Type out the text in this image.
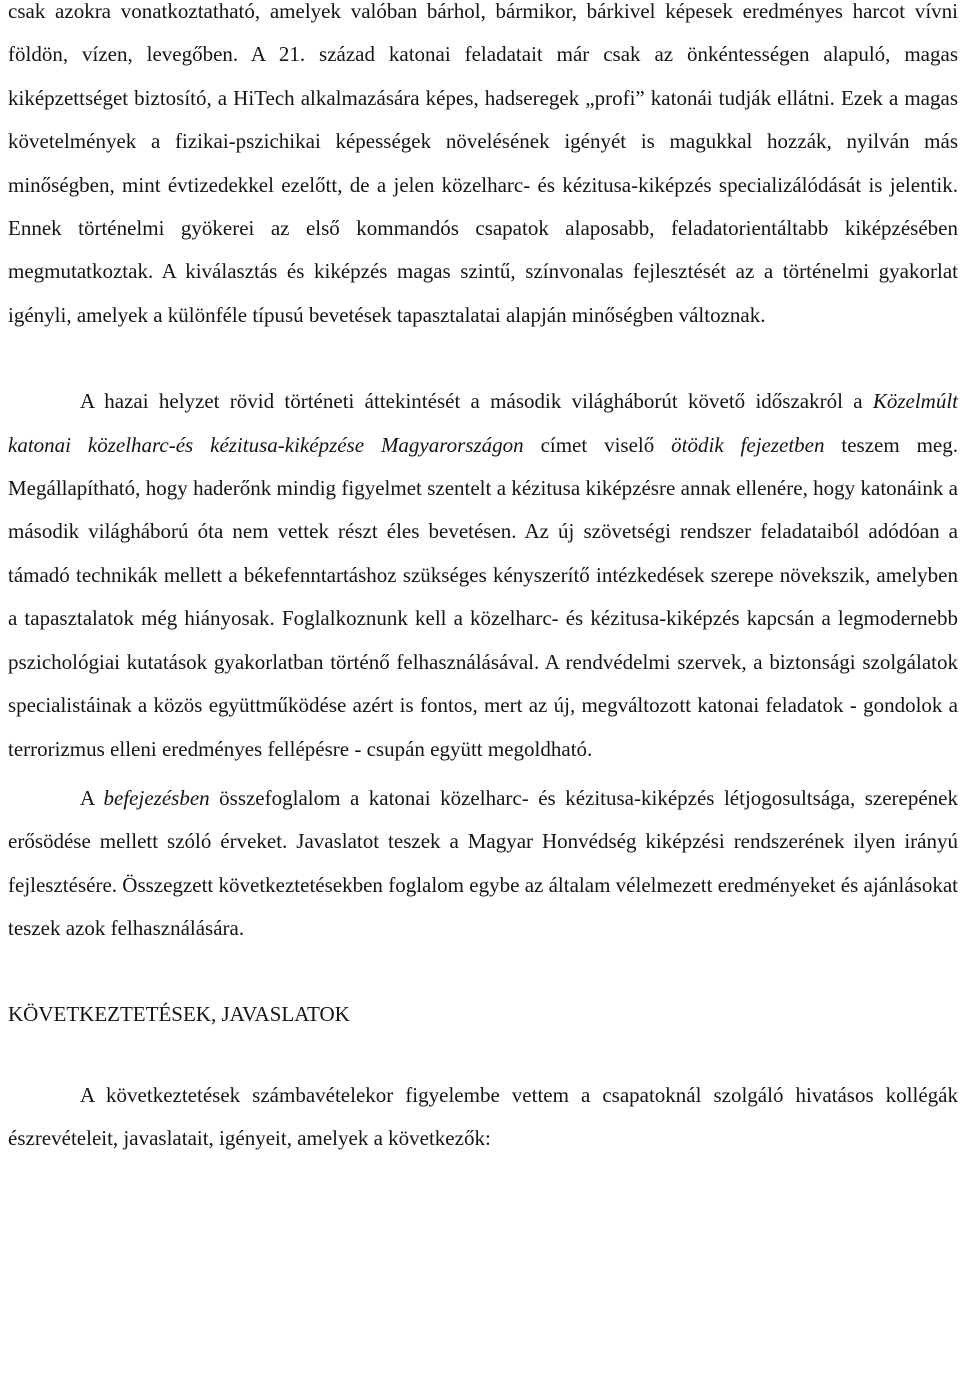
csak azokra vonatkoztatható, amelyek valóban bárhol, bármikor, bárkivel képesek eredményes harcot vívni földön, vízen, levegőben. A 21. század katonai feladatait már csak az önkéntességen alapuló, magas kiképzettséget biztosító, a HiTech alkalmazására képes, hadseregek „profi” katonái tudják ellátni. Ezek a magas követelmények a fizikai-pszichikai képességek növelésének igényét is magukkal hozzák, nyilván más minőségben, mint évtizedekkel ezelőtt, de a jelen közelharc- és kézitusa-kiképzés specializálódását is jelentik. Ennek történelmi gyökerei az első kommandós csapatok alaposabb, feladatorientáltabb kiképzésében megmutatkoztak. A kiválasztás és kiképzés magas szintű, színvonalas fejlesztését az a történelmi gyakorlat igényli, amelyek a különféle típusú bevetések tapasztalatai alapján minőségben változnak.

A hazai helyzet rövid történeti áttekintését a második világháborút követő időszakról a Közelmúlt katonai közelharc-és kézitusa-kiképzése Magyarországon címet viselő ötödik fejezetben teszem meg. Megállapítható, hogy haderőnk mindig figyelmet szentelt a kézitusa kiképzésre annak ellenére, hogy katonáink a második világháború óta nem vettek részt éles bevetésen. Az új szövetségi rendszer feladataiból adódóan a támadó technikák mellett a békefenntartáshoz szükséges kényszerítő intézkedések szerepe növekszik, amelyben a tapasztalatok még hiányosak. Foglalkoznunk kell a közelharc- és kézitusa-kiképzés kapcsán a legmodernebb pszichológiai kutatások gyakorlatban történő felhasználásával. A rendvédelmi szervek, a biztonsági szolgálatok specialistáinak a közös együttműködése azért is fontos, mert az új, megváltozott katonai feladatok - gondolok a terrorizmus elleni eredményes fellépésre - csupán együtt megoldható.

A befejezésben összefoglalom a katonai közelharc- és kézitusa-kiképzés létjogosultsága, szerepének erősödése mellett szóló érveket. Javaslatot teszek a Magyar Honvédség kiképzési rendszerének ilyen irányú fejlesztésére. Összegzett következtetésekben foglalom egybe az általam vélelmezett eredményeket és ajánlásokat teszek azok felhasználására.

KÖVETKEZTETÉSEK, JAVASLATOK

A következtetések számbavételekor figyelembe vettem a csapatoknál szolgáló hivatásos kollégák észrevételeit, javaslatait, igényeit, amelyek a következők:
